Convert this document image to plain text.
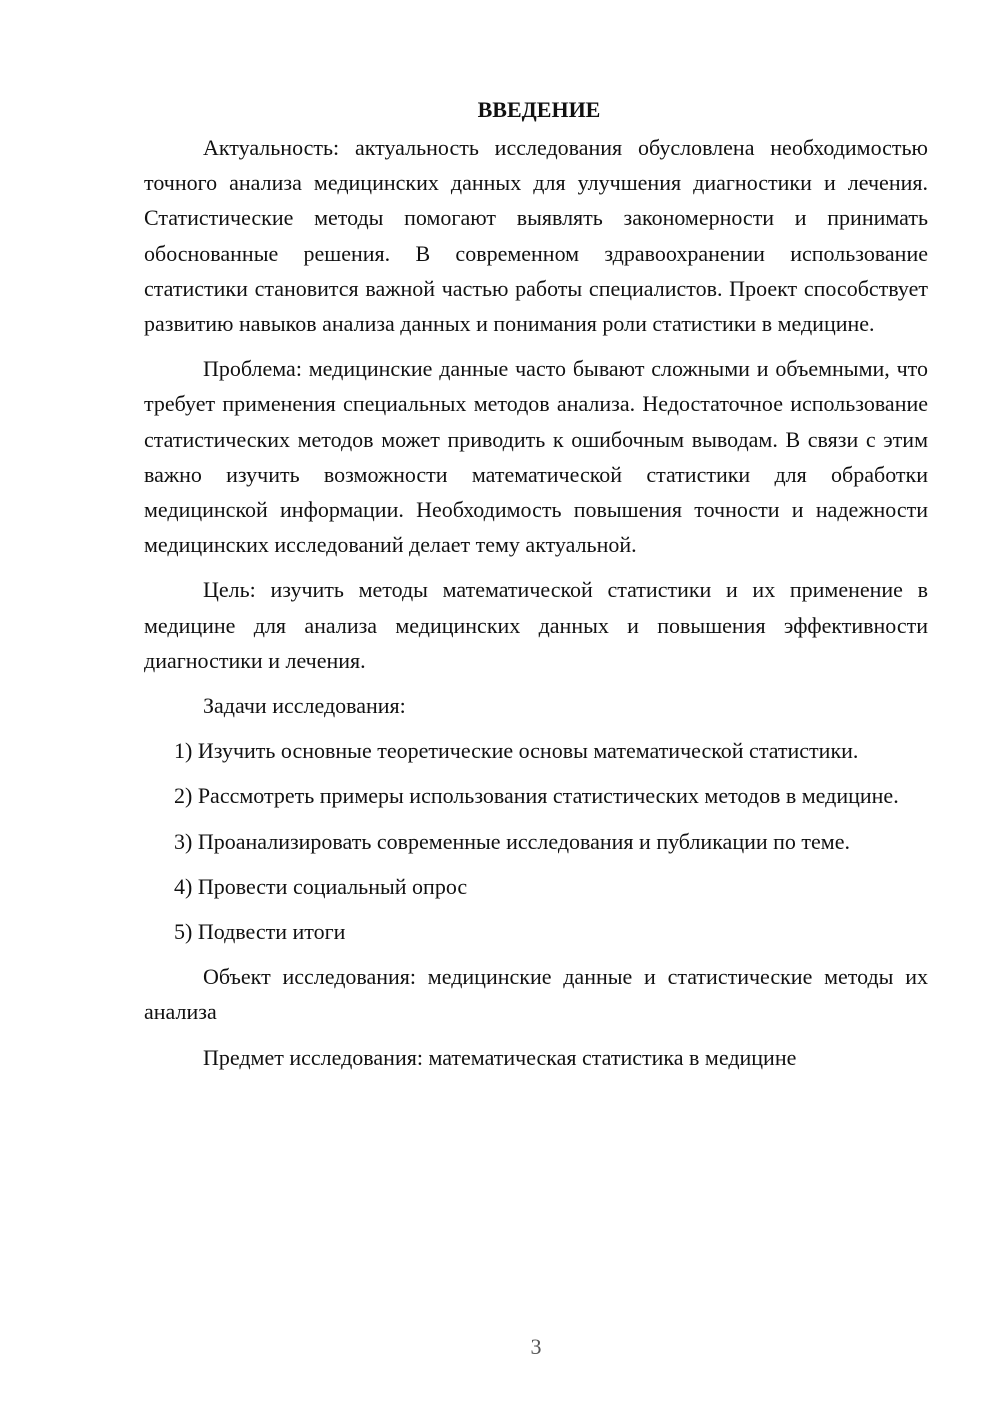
ВВЕДЕНИЕ

Актуальность: актуальность исследования обусловлена необходимостью точного анализа медицинских данных для улучшения диагностики и лечения. Статистические методы помогают выявлять закономерности и принимать обоснованные решения. В современном здравоохранении использование статистики становится важной частью работы специалистов. Проект способствует развитию навыков анализа данных и понимания роли статистики в медицине.

Проблема: медицинские данные часто бывают сложными и объемными, что требует применения специальных методов анализа. Недостаточное использование статистических методов может приводить к ошибочным выводам. В связи с этим важно изучить возможности математической статистики для обработки медицинской информации. Необходимость повышения точности и надежности медицинских исследований делает тему актуальной.

Цель: изучить методы математической статистики и их применение в медицине для анализа медицинских данных и повышения эффективности диагностики и лечения.

Задачи исследования:

1) Изучить основные теоретические основы математической статистики.

2) Рассмотреть примеры использования статистических методов в медицине.

3) Проанализировать современные исследования и публикации по теме.

4) Провести социальный опрос

5) Подвести итоги

Объект исследования: медицинские данные и статистические методы их анализа

Предмет исследования: математическая статистика в медицине

3
